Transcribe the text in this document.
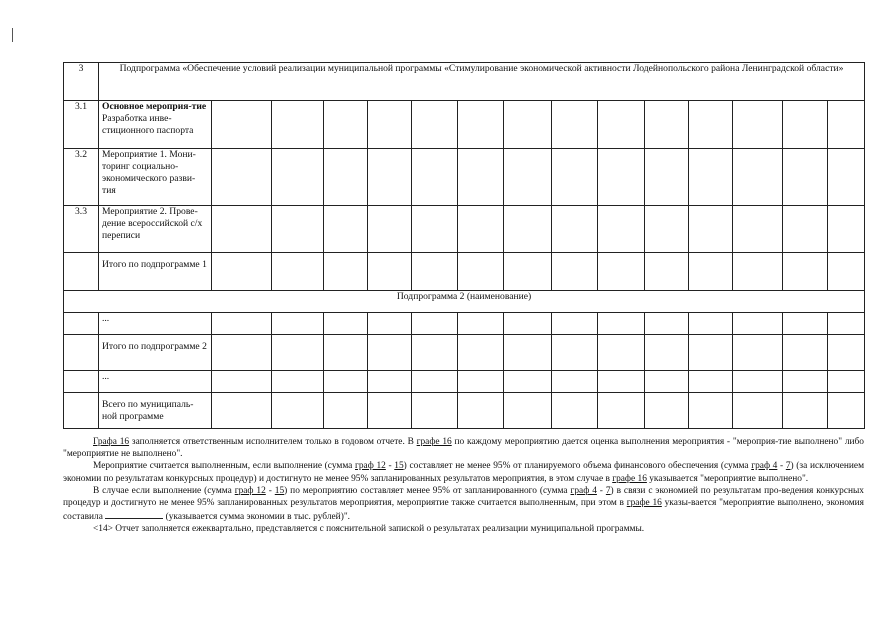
3	Подпрограмма «Обеспечение условий реализации муниципальной программы «Стимулирование экономической активности Лодейнопольского района Ленинградской области»														
3.1	Основное мероприя-тие Разработка инве-стиционного паспорта														
3.2	Мероприятие 1. Мони-торинг социально-экономического разви-тия														
3.3	Мероприятие 2. Прове-дение всероссийской с/х переписи														
	Итого по подпрограмме 1														
Подпрограмма 2 (наименование)															
	...														
	Итого по подпрограмме 2														
	...														
	Всего по муниципаль-ной программе														

Графа 16 заполняется ответственным исполнителем только в годовом отчете. В графе 16 по каждому мероприятию дается оценка выполнения мероприятия - "мероприя-тие выполнено" либо "мероприятие не выполнено".

Мероприятие считается выполненным, если выполнение (сумма граф 12 - 15) составляет не менее 95% от планируемого объема финансового обеспечения (сумма граф 4 - 7) (за исключением экономии по результатам конкурсных процедур) и достигнуто не менее 95% запланированных результатов мероприятия, в этом случае в графе 16 указывается "мероприятие выполнено".

В случае если выполнение (сумма граф 12 - 15) по мероприятию составляет менее 95% от запланированного (сумма граф 4 - 7) в связи с экономией по результатам про-ведения конкурсных процедур и достигнуто не менее 95% запланированных результатов мероприятия, мероприятие также считается выполненным, при этом в графе 16 указы-вается "мероприятие выполнено, экономия составила	(указывается сумма экономии в тыс. рублей)".

<14> Отчет заполняется ежеквартально, представляется с пояснительной запиской о результатах реализации муниципальной программы.
